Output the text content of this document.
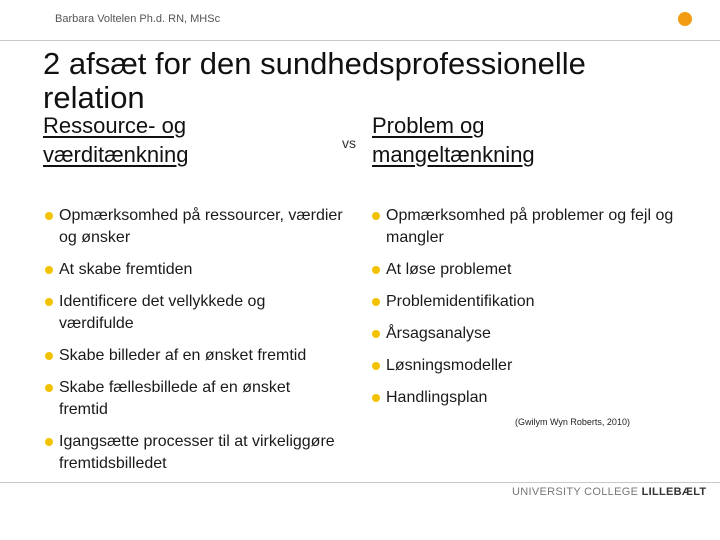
Barbara Voltelen Ph.d. RN, MHSc
2 afsæt for den sundhedsprofessionelle relation
Ressource- og værditænkning	vs
Problem og mangeltænkning
Opmærksomhed på ressourcer, værdier og ønsker
At skabe fremtiden
Identificere det vellykkede og værdifulde
Skabe billeder af en ønsket fremtid
Skabe fællesbillede af en ønsket fremtid
Igangsætte processer til at virkeliggøre fremtidsbilledet
Opmærksomhed på problemer og fejl og mangler
At løse problemet
Problemidentifikation
Årsagsanalyse
Løsningsmodeller
Handlingsplan
(Gwilym Wyn Roberts, 2010)
UNIVERSITY COLLEGE LILLEBÆLT
